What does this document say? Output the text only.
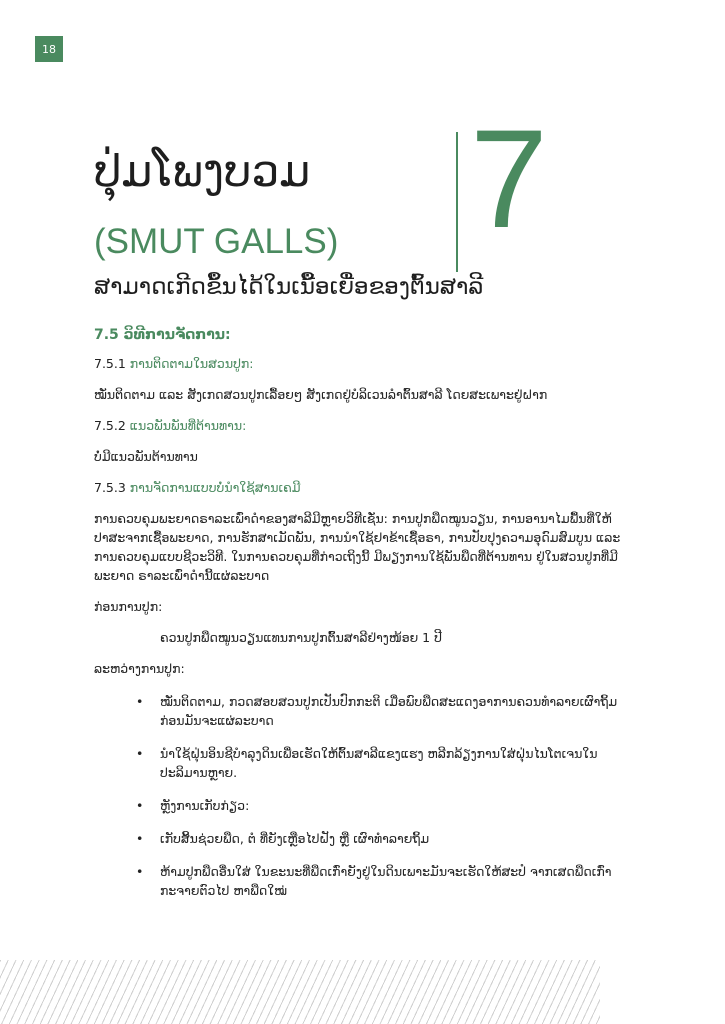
18
ປຸ່ມໂພງບວມ
(SMUT GALLS)
ສາມາດເກີດຂຶ້ນໄດ້ໃນເນື້ອເຍື່ອຂອງຕົ້ນສາລີ
7

7.5 ວິທີການຈັດການ:

7.5.1 ການຕິດຕາມໃນສວນປູກ:

ໝັ່ນຕິດຕາມ ແລະ ສັງເກດສວນປູກເລື້ອຍໆ ສັງເກດຢູ່ບໍລິເວນລຳຕົ້ນສາລີ ໂດຍສະເພາະຢູ່ຝາກ

7.5.2 ແນວພັນພັນທີ່ຕ້ານທານ:

ບໍ່ມີແນວພັນຕ້ານທານ

7.5.3 ການຈັດການແບບບໍ່ນຳໃຊ້ສານເຄມີ

ການຄວບຄຸມພະຍາດຣາລະເພົ່າດຳຂອງສາລີມີຫຼາຍວິທີເຊັ່ນ: ການປູກພືດໝູນວຽນ, ການອານາໄມພື້ນທີ່ໃຫ້ປາສະຈາກເຊື້ອພະຍາດ, ການຮັກສາເມັດພັນ, ການນຳໃຊ້ຢາຂ້າເຊື້ອຣາ, ການປັບປຸງຄວາມອຸດົມສົມບູນ ແລະ ການຄວບຄຸມແບບຊີວະວິທີ. ໃນການຄວບຄຸມທີ່ກ່າວເຖິງນີ້ ມີພຽງການໃຊ້ພັນພືດທີ່ຕ້ານທານ ຢູ່ໃນສວນປູກທີ່ມີພະຍາດ ຣາລະເພົ່າດຳນີ້ແຜ່ລະບາດ

ກ່ອນການປູກ:

ຄວນປູກພືດໝູນວຽນແທນການປູກຕົ້ນສາລີຢ່າງໜ້ອຍ 1 ປີ

ລະຫວ່າງການປູກ:

• ໝັ່ນຕິດຕາມ, ກວດສອບສວນປູກເປັນປົກກະຕິ ເມື່ອພົບພືດສະແດງອາການຄວນທຳລາຍເຜົາຖິ້ມກ່ອນມັນຈະແຜ່ລະບາດ
• ນຳໃຊ້ຝຸ່ນອິນຊີບຳລຸງດິນເພື່ອເຮັດໃຫ້ຕົ້ນສາລີແຂງແຮງ ຫລີກລ້ຽງການໃສ່ຝຸ່ນໄນໂຕເຈນໃນປະລິມານຫຼາຍ.
• ຫຼັງການເກັບກ່ຽວ:
• ເກັບສິ້ນຊ່ວຍພືດ, ຕໍ ທີ່ຍັງເຫຼືອໄປຝັງ ຫຼື ເຜົາທຳລາຍຖິ້ມ
• ຫ້າມປູກພືດອື່ນໃສ່ ໃນຂະນະທີ່ພືດເກົ່າຍັງຢູ່ໃນດິນເພາະມັນຈະເຮັດໃຫ້ສະປໍ ຈາກເສດພືດເກົ່າກະຈາຍຕົວໄປ ຫາພືດໃໝ່
